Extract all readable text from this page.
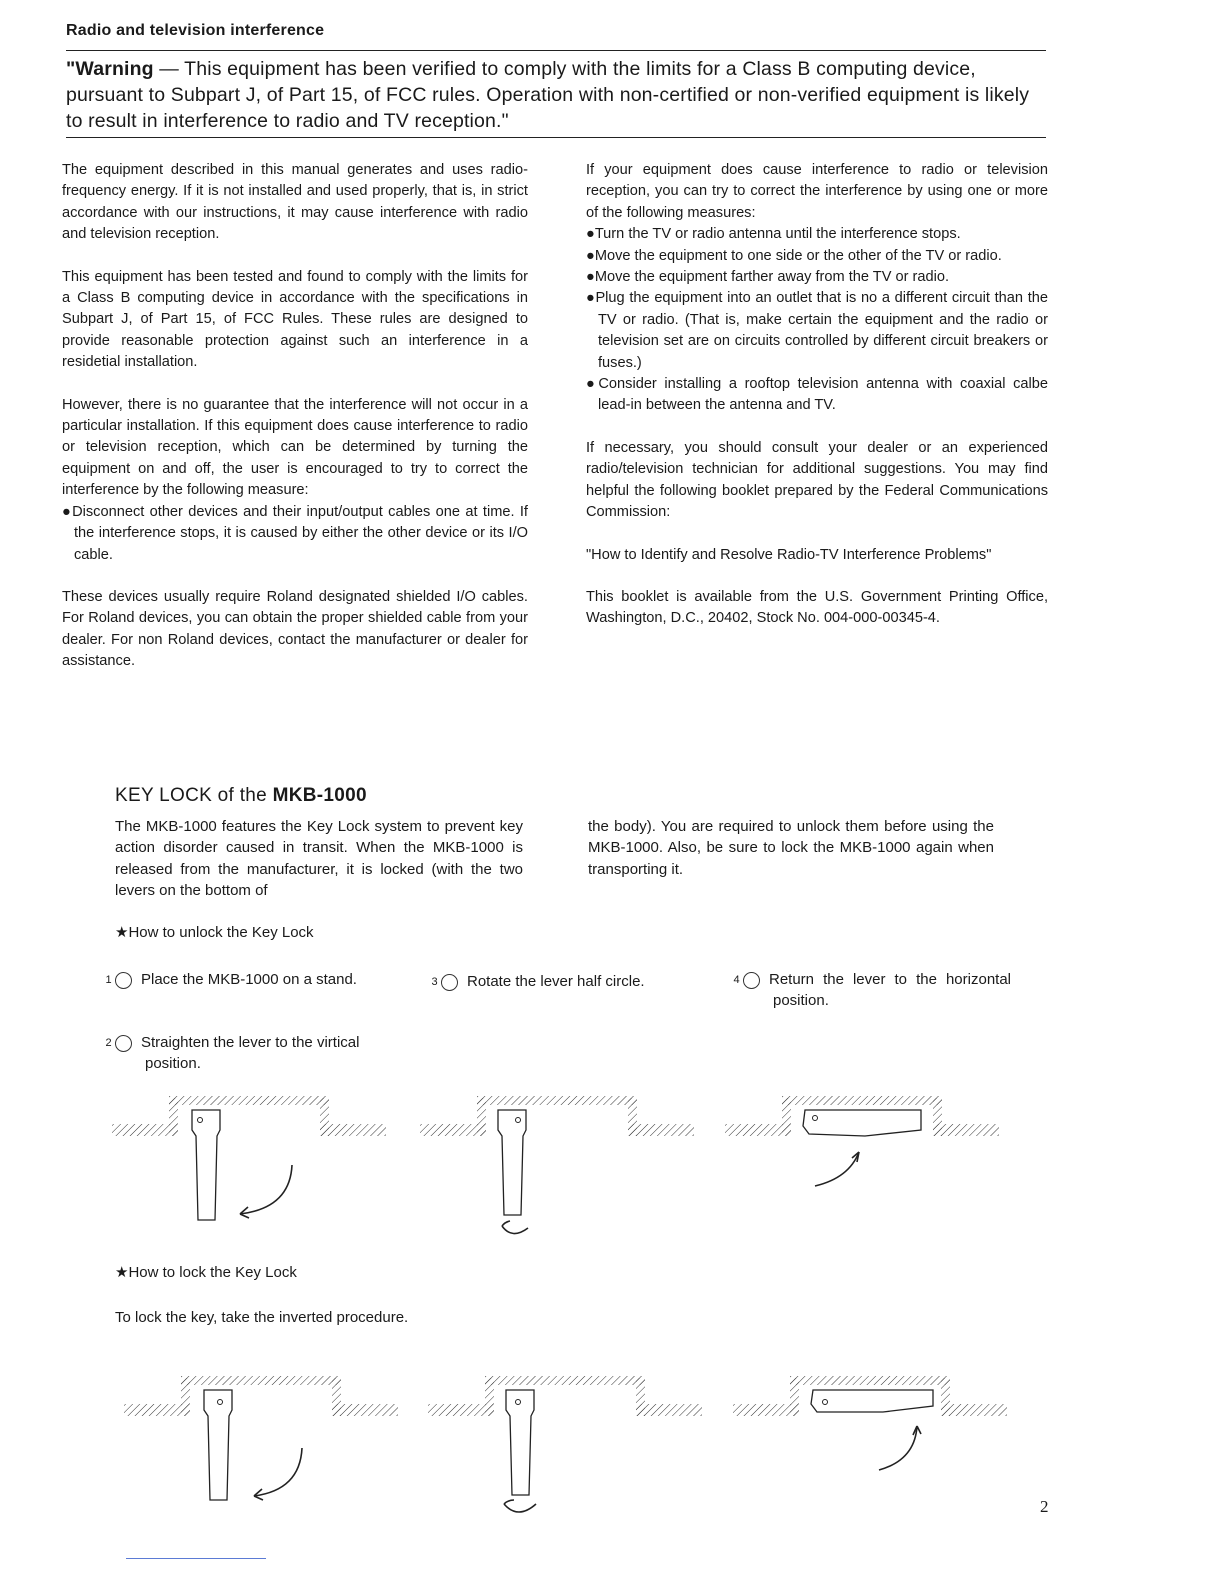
Radio and television interference
"Warning — This equipment has been verified to comply with the limits for a Class B computing device, pursuant to Subpart J, of Part 15, of FCC rules. Operation with non-certified or non-verified equipment is likely to result in interference to radio and TV reception."

The equipment described in this manual generates and uses radio-frequency energy. If it is not installed and used properly, that is, in strict accordance with our instructions, it may cause interference with radio and television reception.

This equipment has been tested and found to comply with the limits for a Class B computing device in accordance with the specifications in Subpart J, of Part 15, of FCC Rules. These rules are designed to provide reasonable protection against such an interference in a residetial installation.

However, there is no guarantee that the interference will not occur in a particular installation. If this equipment does cause interference to radio or television reception, which can be determined by turning the equipment on and off, the user is encouraged to try to correct the interference by the following measure:

●Disconnect other devices and their input/output cables one at time. If the interference stops, it is caused by either the other device or its I/O cable.

These devices usually require Roland designated shielded I/O cables. For Roland devices, you can obtain the proper shielded cable from your dealer. For non Roland devices, contact the manufacturer or dealer for assistance.

If your equipment does cause interference to radio or television reception, you can try to correct the interference by using one or more of the following measures:

●Turn the TV or radio antenna until the interference stops.

●Move the equipment to one side or the other of the TV or radio.

●Move the equipment farther away from the TV or radio.

●Plug the equipment into an outlet that is no a different circuit than the TV or radio. (That is, make certain the equipment and the radio or television set are on circuits controlled by different circuit breakers or fuses.)

●Consider installing a rooftop television antenna with coaxial calbe lead-in between the antenna and TV.

If necessary, you should consult your dealer or an experienced radio/television technician for additional suggestions. You may find helpful the following booklet prepared by the Federal Communications Commission:

"How to Identify and Resolve Radio-TV Interference Problems"

This booklet is available from the U.S. Government Printing Office, Washington, D.C., 20402, Stock No. 004-000-00345-4.

KEY LOCK of the MKB-1000
The MKB-1000 features the Key Lock system to prevent key action disorder caused in transit. When the MKB-1000 is released from the manufacturer, it is locked (with the two levers on the bottom of
the body). You are required to unlock them before using the MKB-1000. Also, be sure to lock the MKB-1000 again when transporting it.
★How to unlock the Key Lock
1 Place the MKB-1000 on a stand.
2 Straighten the lever to the virtical position.
3 Rotate the lever half circle.	4 Return the lever to the horizontal position.
★How to lock the Key Lock
To lock the key, take the inverted procedure.
2
